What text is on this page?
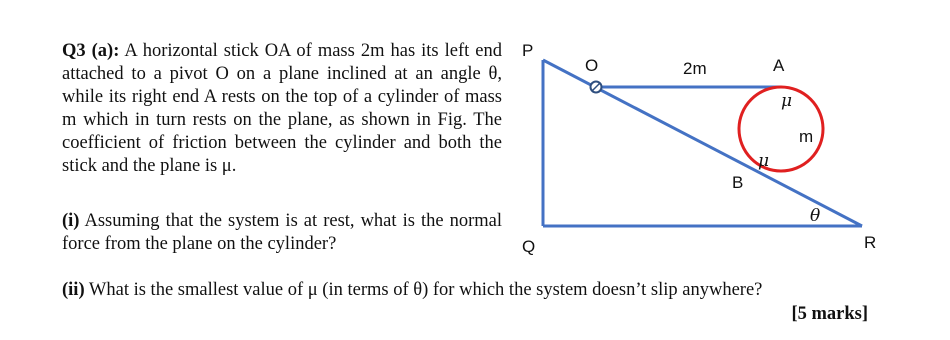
Q3 (a): A horizontal stick OA of mass 2m has its left end attached to a pivot O on a plane inclined at an angle θ, while its right end A rests on the top of a cylinder of mass m which in turn rests on the plane, as shown in Fig. The coefficient of friction between the cylinder and both the stick and the plane is μ.
(i) Assuming that the system is at rest, what is the normal force from the plane on the cylinder?
(ii) What is the smallest value of μ (in terms of θ) for which the system doesn’t slip anywhere?
[5 marks]
P
O	2m	A
μ
m
μ
B
θ
Q	R
